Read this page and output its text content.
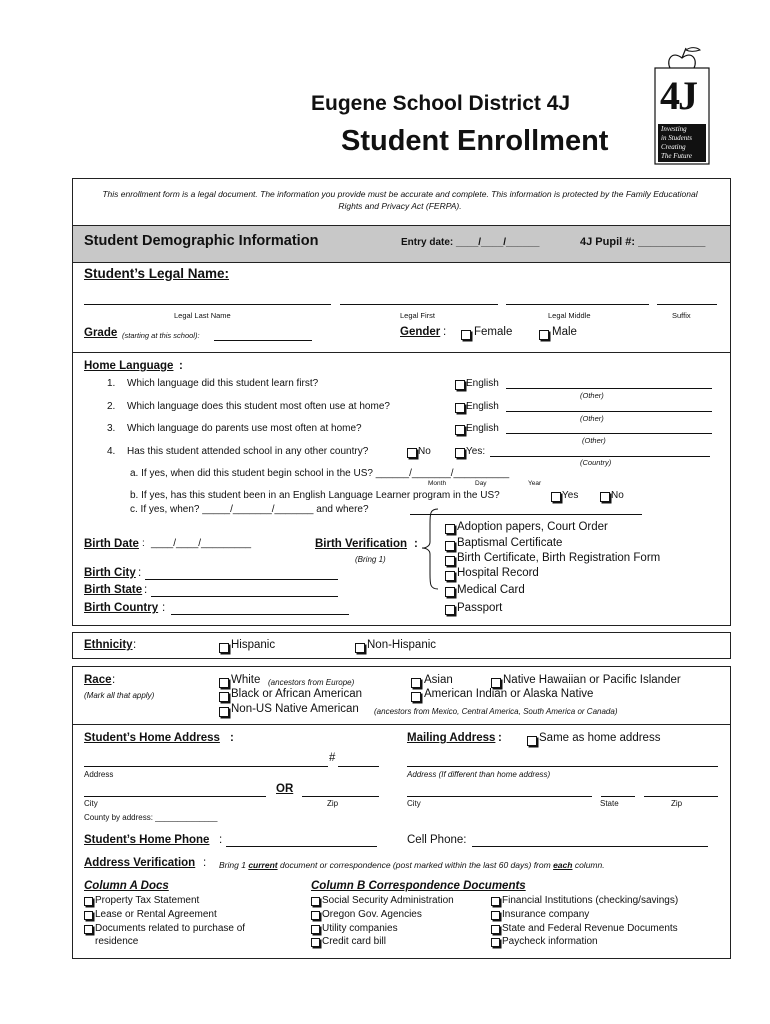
Eugene School District 4J
Student Enrollment
4J
Investing
in Students
Creating
The Future
This enrollment form is a legal document. The information you provide must be accurate and complete. This information is protected by the Family Educational Rights and Privacy Act (FERPA).
Student Demographic Information	Entry date: ____/____/______	4J Pupil #: ___________
Student’s Legal Name:
Legal Last Name	Legal First	Legal Middle	Suffix
Grade (starting at this school):	Gender : Female	Male
Home Language :
1. Which language did this student learn first?	English
(Other)
2. Which language does this student most often use at home?	English
(Other)
3. Which language do parents use most often at home?	English
(Other)
4. Has this student attended school in any other country?	No	Yes:
(Country)
a. If yes, when did this student begin school in the US? ______/_______/__________
Month	Day	Year
b. If yes, has this student been in an English Language Learner program in the US?	Yes	No
c. If yes, when? _____/_______/_______ and where?
Birth Date : ____/____/_________	Birth Verification :
(Bring 1)
Adoption papers, Court Order
Baptismal Certificate
Birth Certificate, Birth Registration Form
Hospital Record
Medical Card
Passport
Birth City :
Birth State :
Birth Country :
Ethnicity :	Hispanic	Non-Hispanic
Race :
(Mark all that apply)
White (ancestors from Europe)	Asian	Native Hawaiian or Pacific Islander
Black or African American	American Indian or Alaska Native
Non-US Native American (ancestors from Mexico, Central America, South America or Canada)
Student’s Home Address :	Mailing Address :	Same as home address
#
Address	Address (If different than home address)
OR
City	Zip	City	State	Zip
County by address: ______________
Student’s Home Phone :	Cell Phone:
Address Verification : Bring 1 current document or correspondence (post marked within the last 60 days) from each column.
Column A Docs
Property Tax Statement
Lease or Rental Agreement
Documents related to purchase of
residence
Column B Correspondence Documents
Social Security Administration
Oregon Gov. Agencies
Utility companies
Credit card bill
Financial Institutions (checking/savings)
Insurance company
State and Federal Revenue Documents
Paycheck information
